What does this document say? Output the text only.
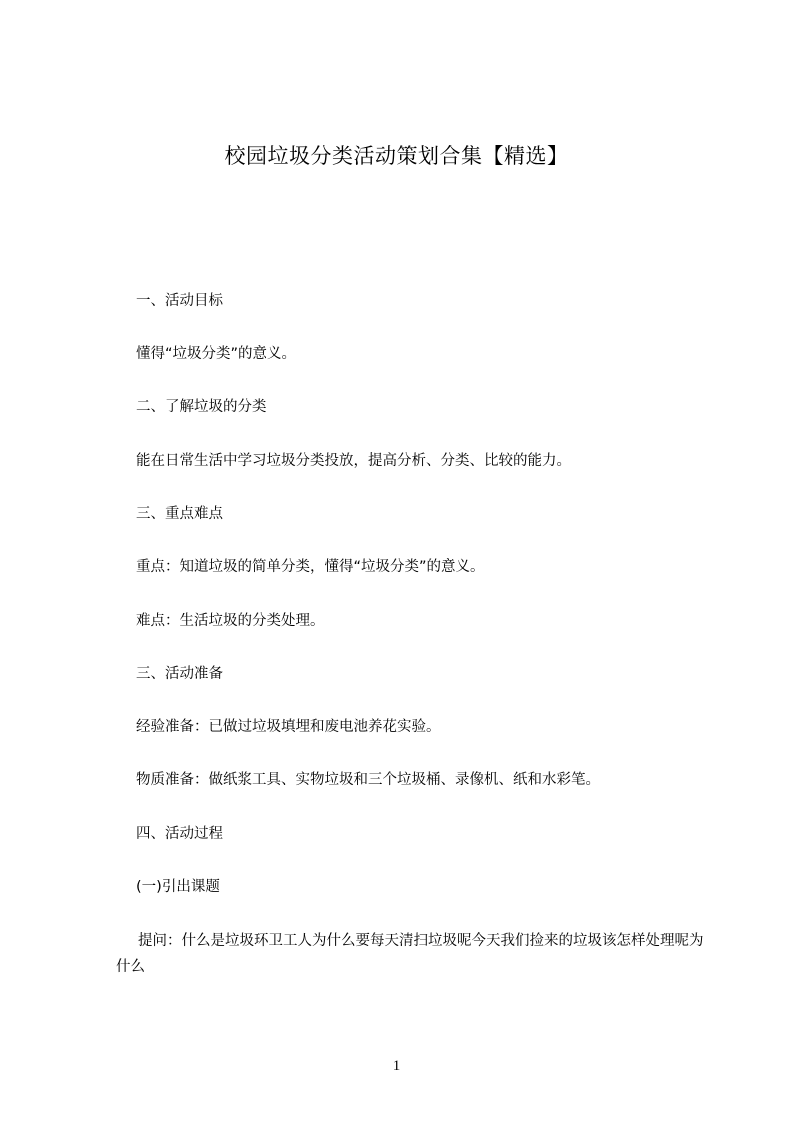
校园垃圾分类活动策划合集【精选】

一、活动目标

懂得“垃圾分类”的意义。

二、了解垃圾的分类

能在日常生活中学习垃圾分类投放，提高分析、分类、比较的能力。

三、重点难点

重点：知道垃圾的简单分类，懂得“垃圾分类”的意义。

难点：生活垃圾的分类处理。

三、活动准备

经验准备：已做过垃圾填埋和废电池养花实验。

物质准备：做纸浆工具、实物垃圾和三个垃圾桶、录像机、纸和水彩笔。

四、活动过程

(一)引出课题

提问：什么是垃圾环卫工人为什么要每天清扫垃圾呢今天我们捡来的垃圾该怎样处理呢为什么

1
